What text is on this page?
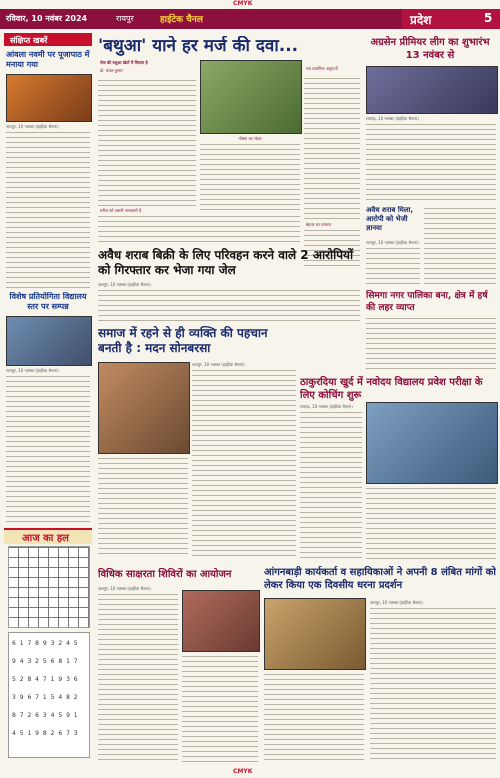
CMYK
रविवार, 10 नवंबर 2024	रायपुर	हाईटेक चैनल	प्रदेश	5
संक्षिप्त खबरें
आंवला नवमी पर पूजापाठ में मनाया गया
जशपुर, 10 नवम्बर (हाईटेक चैनल)।
विशेष प्रतियोगिता विद्यालय स्तर पर सम्पन्न
जशपुर, 10 नवम्बर (हाईटेक चैनल)।
आज का हल
6 1 7 8 9 3 2 4 5
9 4 3 2 5 6 8 1 7
5 2 8 4 7 1 9 3 6
3 9 6 7 1 5 4 8 2
8 7 2 6 3 4 5 9 1
4 5 1 9 8 2 6 7 3
'बथुआ' याने हर मर्ज की दवा...
रोज की बथुआ खेतों में मिलता है
डॉ. चंचल कुमार	रात प्राथमिक अनुपातों
बेहतर का परम्परा
पोषक का भंडार
मरीज को जरूरी जानकारी दें
अग्रसेन प्रीमियर लीग का शुभारंभ 13 नवंबर से
रायगढ़, 10 नवम्बर (हाईटेक चैनल)।
अवैध शराब मिला, आरोपी को भेजी ज्ञानवा
जशपुर, 10 नवम्बर (हाईटेक चैनल)।
अवैध शराब बिक्री के लिए परिवहन करने वाले 2 आरोपियों को गिरफ्तार कर भेजा गया जेल
जशपुर, 10 नवम्बर (हाईटेक चैनल)।
सिमगा नगर पालिका बना, क्षेत्र में हर्ष की लहर व्याप्त
ठाकुरदिया खुर्द में नवोदय विद्यालय प्रवेश परीक्षा के लिए कोचिंग शुरू
रायगढ़, 10 नवम्बर (हाईटेक चैनल)।
समाज में रहने से ही व्यक्ति की पहचान बनती है : मदन सोनबरसा
जशपुर, 10 नवम्बर (हाईटेक चैनल)।
विधिक साक्षरता शिविरों का आयोजन
जशपुर, 10 नवम्बर (हाईटेक चैनल)।
आंगनबाड़ी कार्यकर्ता व सहायिकाओं ने अपनी 8 लंबित मांगों को लेकर किया एक दिवसीय धरना प्रदर्शन
जशपुर, 10 नवम्बर (हाईटेक चैनल)।
CMYK
